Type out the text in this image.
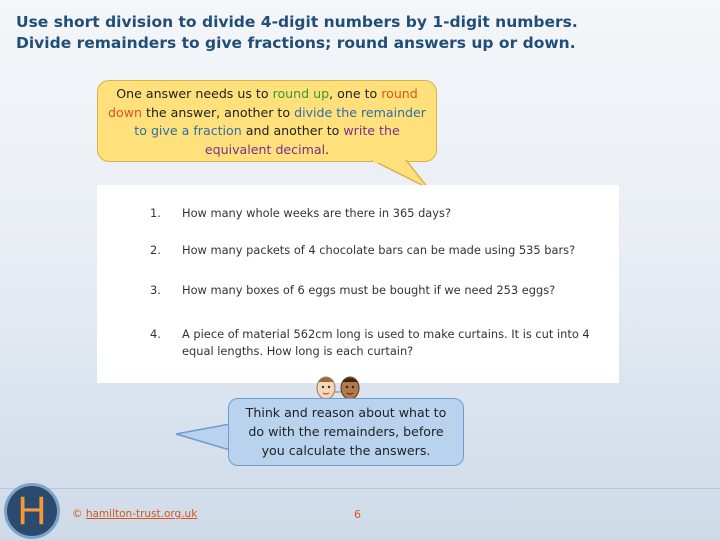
Use short division to divide 4-digit numbers by 1-digit numbers.
Divide remainders to give fractions; round answers up or down.
One answer needs us to round up, one to round down the answer, another to divide the remainder to give a fraction and another to write the equivalent decimal.
1. How many whole weeks are there in 365 days?
2. How many packets of 4 chocolate bars can be made using 535 bars?
3. How many boxes of 6 eggs must be bought if we need 253 eggs?
4. A piece of material 562cm long is used to make curtains. It is cut into 4 equal lengths. How long is each curtain?
Think and reason about what to do with the remainders, before you calculate the answers.
H © hamilton-trust.org.uk	6
